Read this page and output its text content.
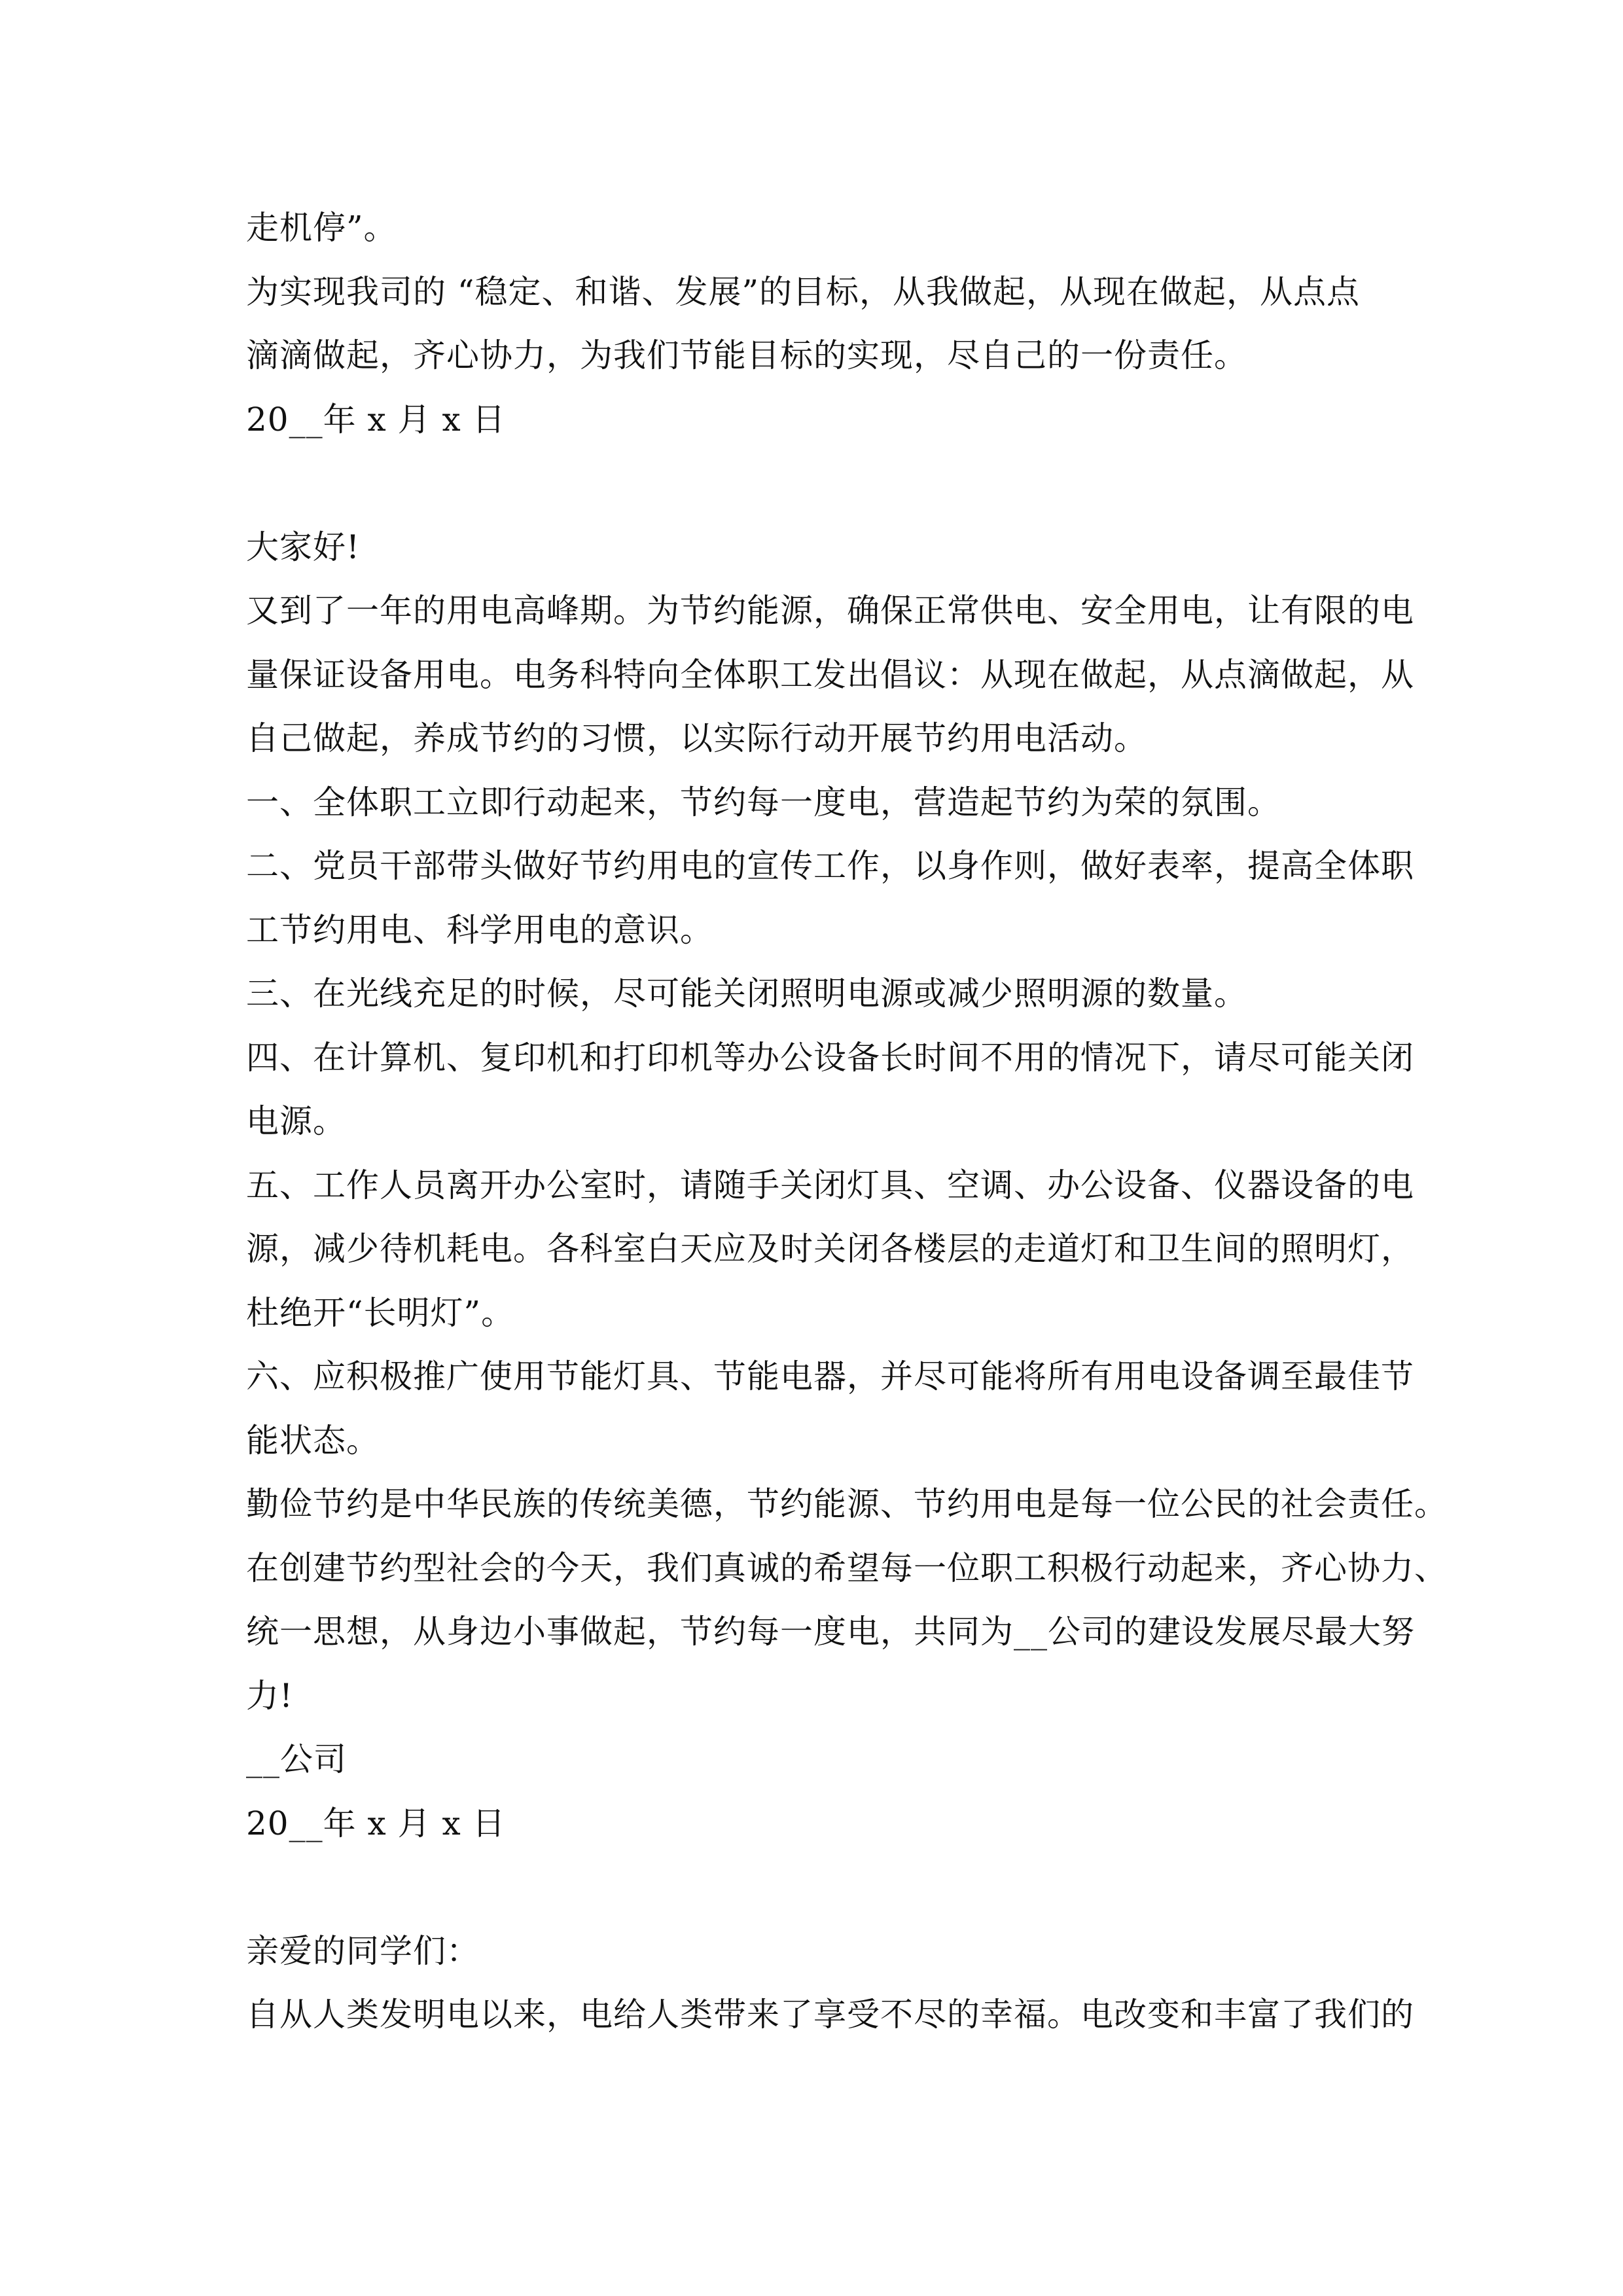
走机停”。
为实现我司的 “稳定、和谐、发展”的目标，从我做起，从现在做起，从点点
滴滴做起，齐心协力，为我们节能目标的实现，尽自己的一份责任。
20__年 x 月 x 日
大家好!
又到了一年的用电高峰期。为节约能源，确保正常供电、安全用电，让有限的电
量保证设备用电。电务科特向全体职工发出倡议：从现在做起，从点滴做起，从
自己做起，养成节约的习惯，以实际行动开展节约用电活动。
一、全体职工立即行动起来，节约每一度电，营造起节约为荣的氛围。
二、党员干部带头做好节约用电的宣传工作，以身作则，做好表率，提高全体职
工节约用电、科学用电的意识。
三、在光线充足的时候，尽可能关闭照明电源或减少照明源的数量。
四、在计算机、复印机和打印机等办公设备长时间不用的情况下，请尽可能关闭
电源。
五、工作人员离开办公室时，请随手关闭灯具、空调、办公设备、仪器设备的电
源，减少待机耗电。各科室白天应及时关闭各楼层的走道灯和卫生间的照明灯，
杜绝开“长明灯”。
六、应积极推广使用节能灯具、节能电器，并尽可能将所有用电设备调至最佳节
能状态。
勤俭节约是中华民族的传统美德，节约能源、节约用电是每一位公民的社会责任。
在创建节约型社会的今天，我们真诚的希望每一位职工积极行动起来，齐心协力、
统一思想，从身边小事做起，节约每一度电，共同为__公司的建设发展尽最大努
力!
__公司
20__年 x 月 x 日
亲爱的同学们：
自从人类发明电以来，电给人类带来了享受不尽的幸福。电改变和丰富了我们的
